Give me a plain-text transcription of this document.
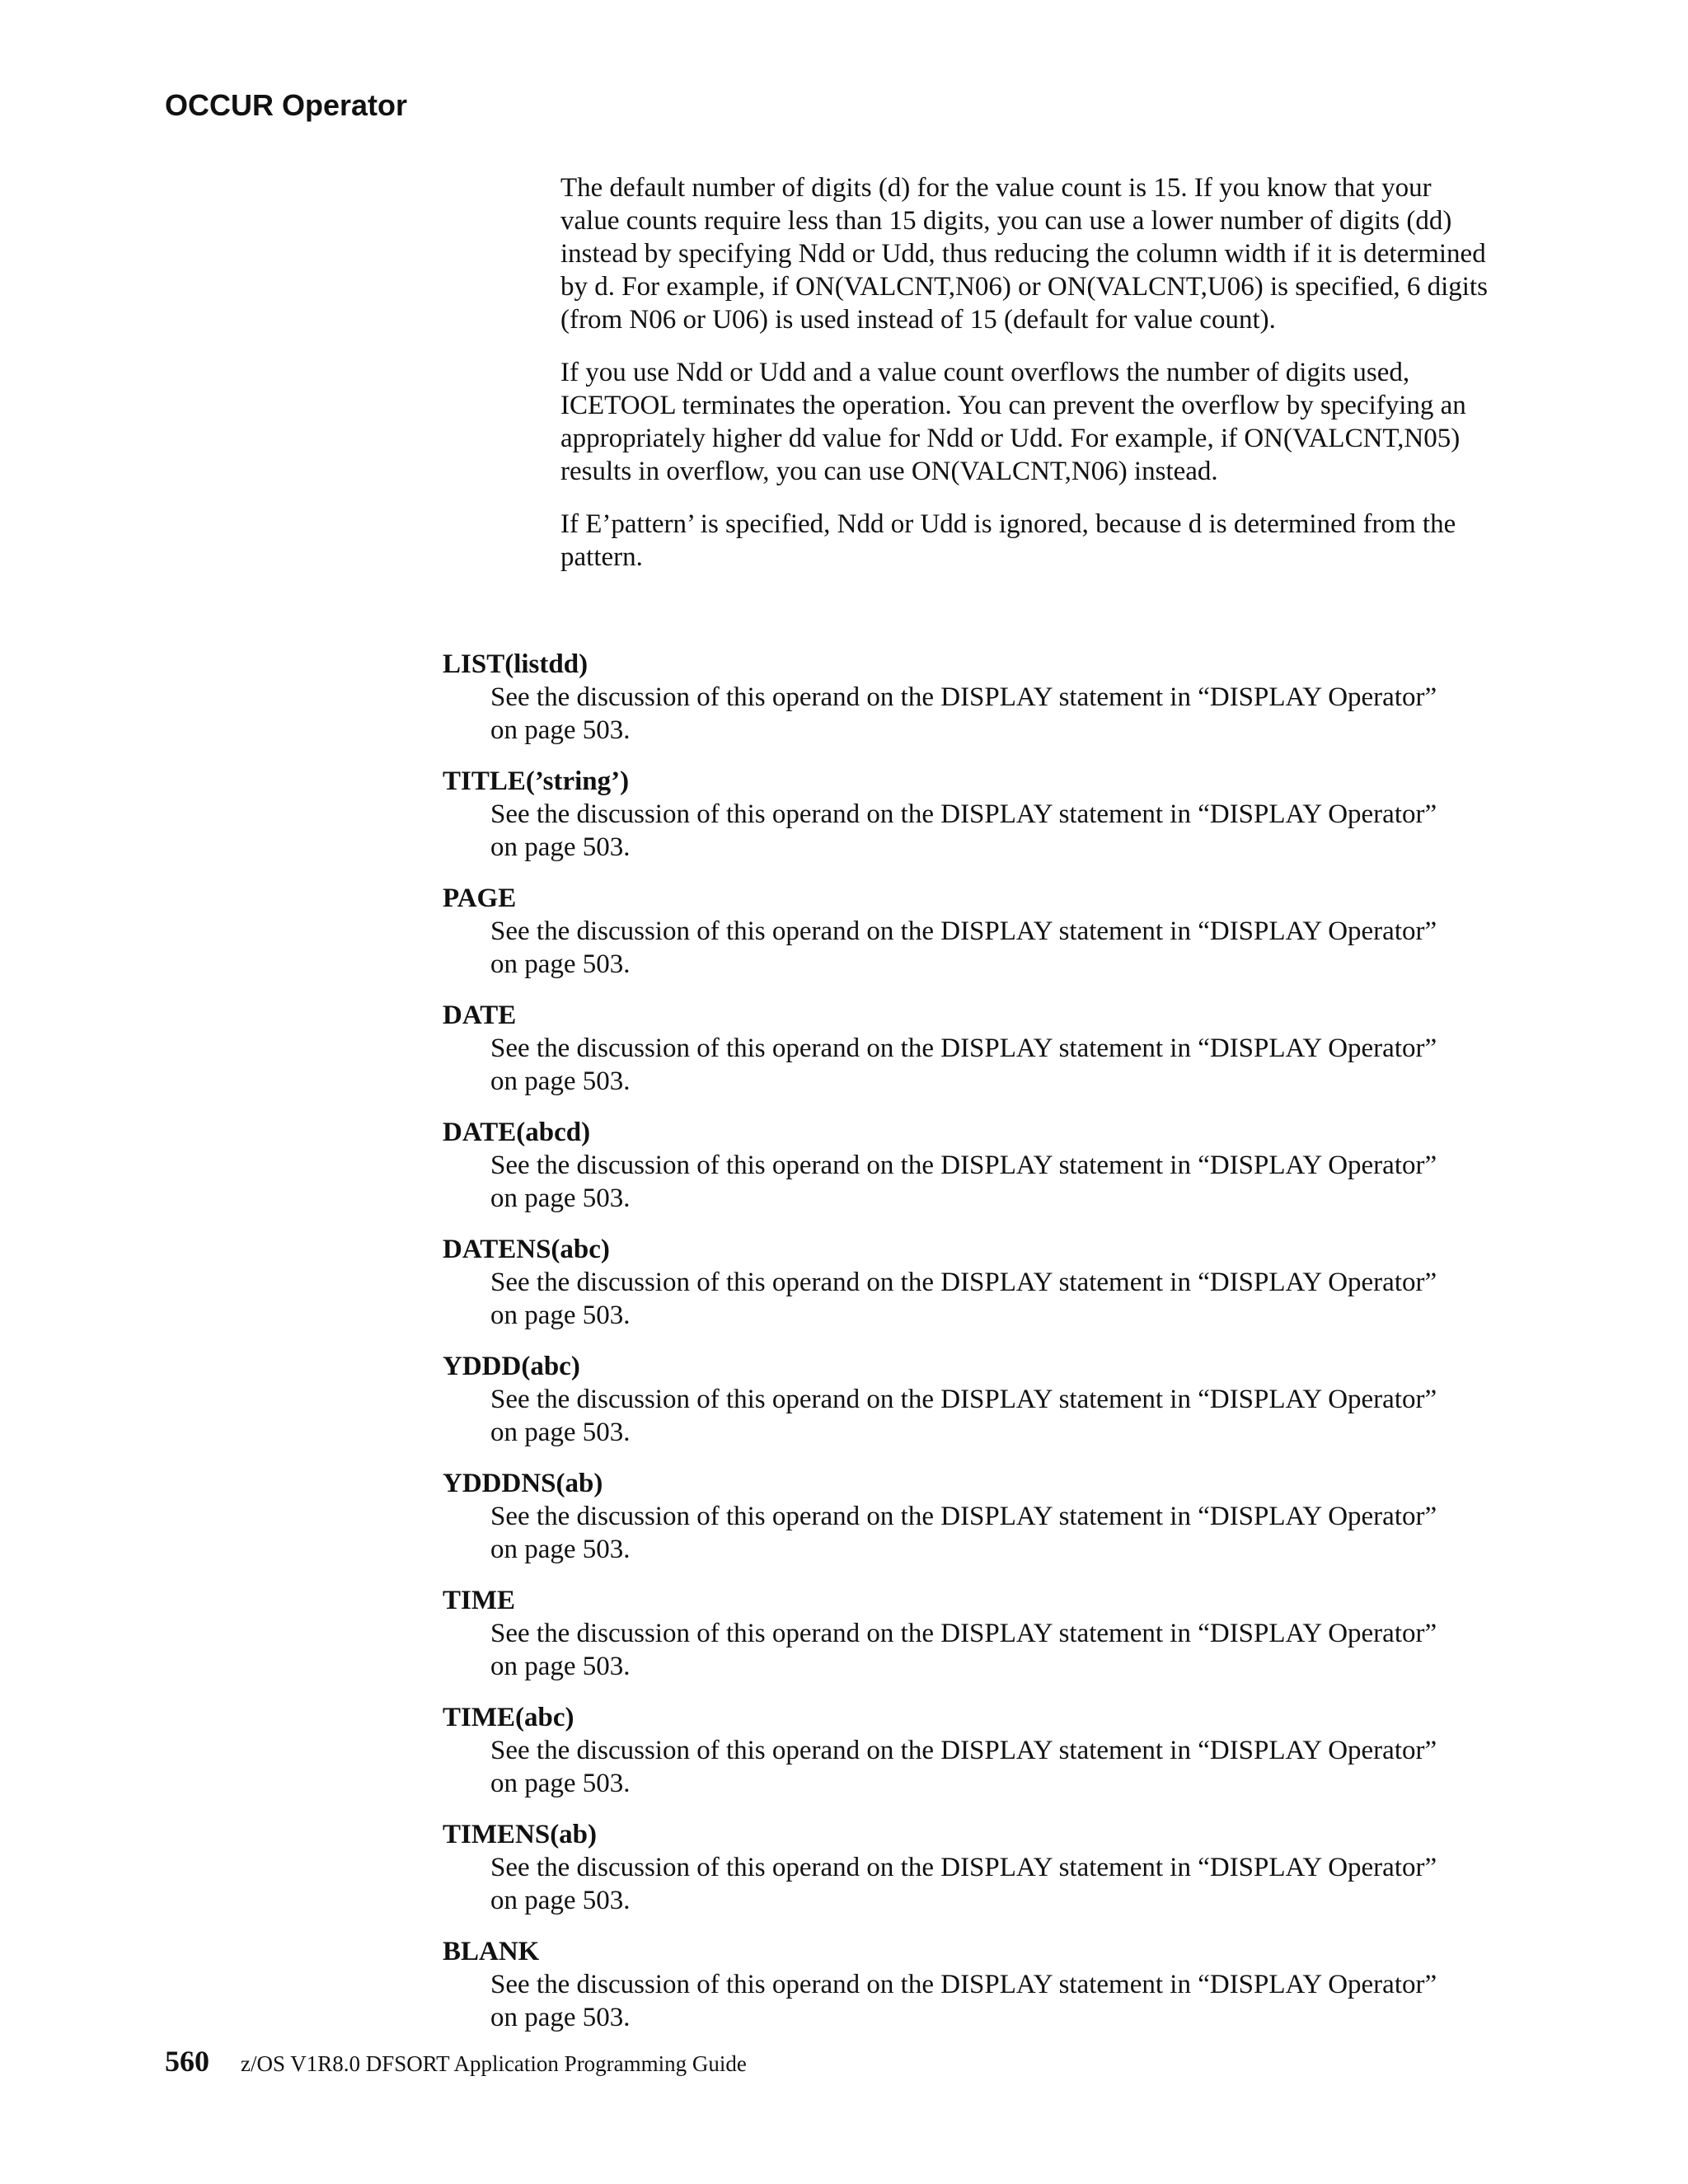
OCCUR Operator

The default number of digits (d) for the value count is 15. If you know that your value counts require less than 15 digits, you can use a lower number of digits (dd) instead by specifying Ndd or Udd, thus reducing the column width if it is determined by d. For example, if ON(VALCNT,N06) or ON(VALCNT,U06) is specified, 6 digits (from N06 or U06) is used instead of 15 (default for value count).

If you use Ndd or Udd and a value count overflows the number of digits used, ICETOOL terminates the operation. You can prevent the overflow by specifying an appropriately higher dd value for Ndd or Udd. For example, if ON(VALCNT,N05) results in overflow, you can use ON(VALCNT,N06) instead.

If E’pattern’ is specified, Ndd or Udd is ignored, because d is determined from the pattern.

LIST(listdd)
See the discussion of this operand on the DISPLAY statement in “DISPLAY Operator” on page 503.
TITLE(’string’)
See the discussion of this operand on the DISPLAY statement in “DISPLAY Operator” on page 503.
PAGE
See the discussion of this operand on the DISPLAY statement in “DISPLAY Operator” on page 503.
DATE
See the discussion of this operand on the DISPLAY statement in “DISPLAY Operator” on page 503.
DATE(abcd)
See the discussion of this operand on the DISPLAY statement in “DISPLAY Operator” on page 503.
DATENS(abc)
See the discussion of this operand on the DISPLAY statement in “DISPLAY Operator” on page 503.
YDDD(abc)
See the discussion of this operand on the DISPLAY statement in “DISPLAY Operator” on page 503.
YDDDNS(ab)
See the discussion of this operand on the DISPLAY statement in “DISPLAY Operator” on page 503.
TIME
See the discussion of this operand on the DISPLAY statement in “DISPLAY Operator” on page 503.
TIME(abc)
See the discussion of this operand on the DISPLAY statement in “DISPLAY Operator” on page 503.
TIMENS(ab)
See the discussion of this operand on the DISPLAY statement in “DISPLAY Operator” on page 503.
BLANK
See the discussion of this operand on the DISPLAY statement in “DISPLAY Operator” on page 503.
560 z/OS V1R8.0 DFSORT Application Programming Guide
